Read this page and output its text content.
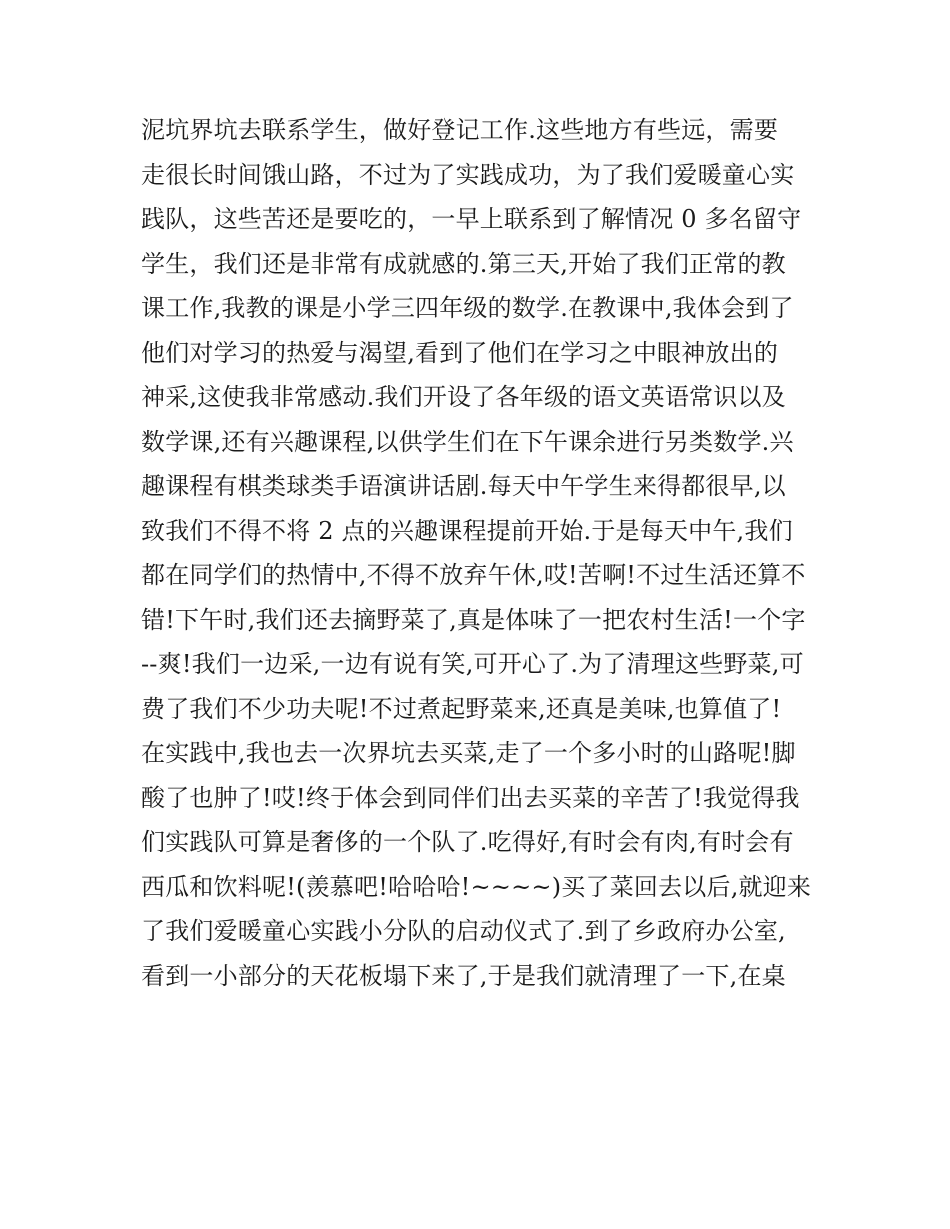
泥坑界坑去联系学生，做好登记工作.这些地方有些远，需要
走很长时间饿山路，不过为了实践成功，为了我们爱暖童心实
践队，这些苦还是要吃的，一早上联系到了解情况 0 多名留守
学生，我们还是非常有成就感的.第三天,开始了我们正常的教
课工作,我教的课是小学三四年级的数学.在教课中,我体会到了
他们对学习的热爱与渴望,看到了他们在学习之中眼神放出的
神采,这使我非常感动.我们开设了各年级的语文英语常识以及
数学课,还有兴趣课程,以供学生们在下午课余进行另类数学.兴
趣课程有棋类球类手语演讲话剧.每天中午学生来得都很早,以
致我们不得不将 2 点的兴趣课程提前开始.于是每天中午,我们
都在同学们的热情中,不得不放弃午休,哎!苦啊!不过生活还算不
错!下午时,我们还去摘野菜了,真是体味了一把农村生活!一个字
--爽!我们一边采,一边有说有笑,可开心了.为了清理这些野菜,可
费了我们不少功夫呢!不过煮起野菜来,还真是美味,也算值了!
在实践中,我也去一次界坑去买菜,走了一个多小时的山路呢!脚
酸了也肿了!哎!终于体会到同伴们出去买菜的辛苦了!我觉得我
们实践队可算是奢侈的一个队了.吃得好,有时会有肉,有时会有
西瓜和饮料呢!(羡慕吧!哈哈哈!~~~~)买了菜回去以后,就迎来
了我们爱暖童心实践小分队的启动仪式了.到了乡政府办公室,
看到一小部分的天花板塌下来了,于是我们就清理了一下,在桌
